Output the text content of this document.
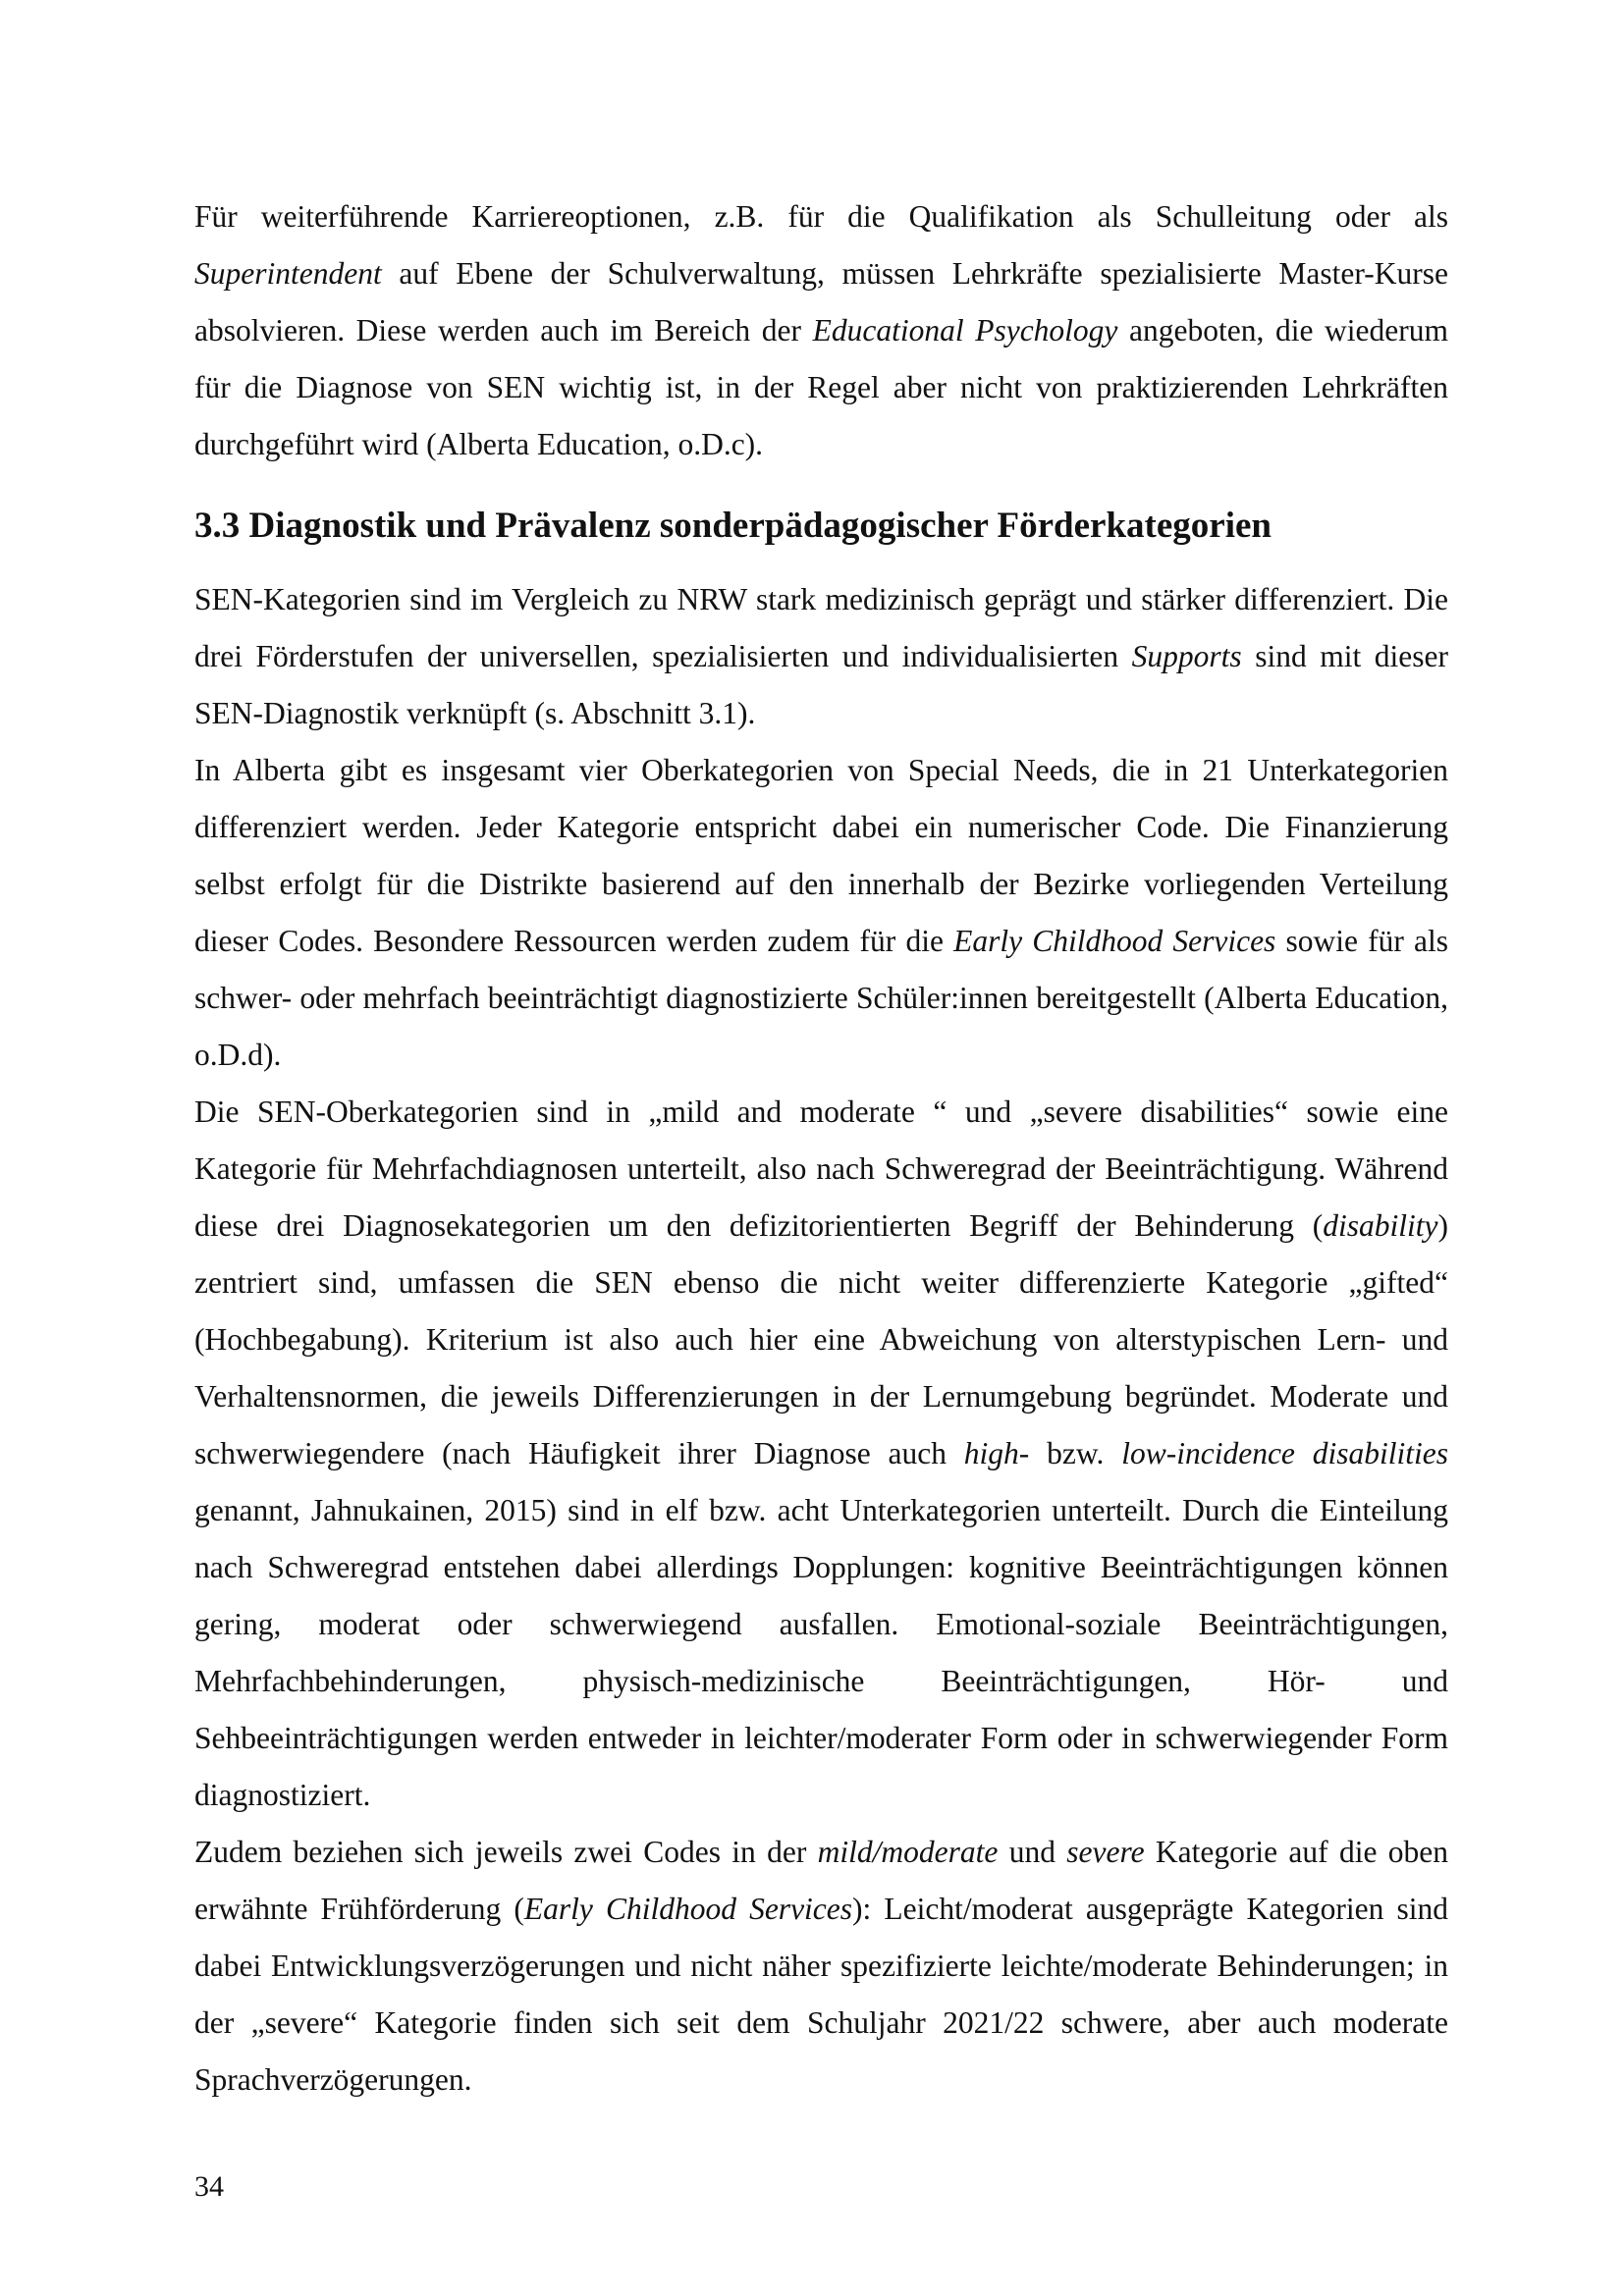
Für weiterführende Karriereoptionen, z.B. für die Qualifikation als Schulleitung oder als Superintendent auf Ebene der Schulverwaltung, müssen Lehrkräfte spezialisierte Master-Kurse absolvieren. Diese werden auch im Bereich der Educational Psychology angeboten, die wiederum für die Diagnose von SEN wichtig ist, in der Regel aber nicht von praktizierenden Lehrkräften durchgeführt wird (Alberta Education, o.D.c).

3.3 Diagnostik und Prävalenz sonderpädagogischer Förderkategorien

SEN-Kategorien sind im Vergleich zu NRW stark medizinisch geprägt und stärker differenziert. Die drei Förderstufen der universellen, spezialisierten und individualisierten Supports sind mit dieser SEN-Diagnostik verknüpft (s. Abschnitt 3.1).

In Alberta gibt es insgesamt vier Oberkategorien von Special Needs, die in 21 Unterkategorien differenziert werden. Jeder Kategorie entspricht dabei ein numerischer Code. Die Finanzierung selbst erfolgt für die Distrikte basierend auf den innerhalb der Bezirke vorliegenden Verteilung dieser Codes. Besondere Ressourcen werden zudem für die Early Childhood Services sowie für als schwer- oder mehrfach beeinträchtigt diagnostizierte Schüler:innen bereitgestellt (Alberta Education, o.D.d).

Die SEN-Oberkategorien sind in „mild and moderate “ und „severe disabilities“ sowie eine Kategorie für Mehrfachdiagnosen unterteilt, also nach Schweregrad der Beeinträchtigung. Während diese drei Diagnosekategorien um den defizitorientierten Begriff der Behinderung (disability) zentriert sind, umfassen die SEN ebenso die nicht weiter differenzierte Kategorie „gifted“ (Hochbegabung). Kriterium ist also auch hier eine Abweichung von alterstypischen Lern- und Verhaltensnormen, die jeweils Differenzierungen in der Lernumgebung begründet. Moderate und schwerwiegendere (nach Häufigkeit ihrer Diagnose auch high- bzw. low-incidence disabilities genannt, Jahnukainen, 2015) sind in elf bzw. acht Unterkategorien unterteilt. Durch die Einteilung nach Schweregrad entstehen dabei allerdings Dopplungen: kognitive Beeinträchtigungen können gering, moderat oder schwerwiegend ausfallen. Emotional-soziale Beeinträchtigungen, Mehrfachbehinderungen, physisch-medizinische Beeinträchtigungen, Hör- und Sehbeeinträchtigungen werden entweder in leichter/moderater Form oder in schwerwiegender Form diagnostiziert.

Zudem beziehen sich jeweils zwei Codes in der mild/moderate und severe Kategorie auf die oben erwähnte Frühförderung (Early Childhood Services): Leicht/moderat ausgeprägte Kategorien sind dabei Entwicklungsverzögerungen und nicht näher spezifizierte leichte/moderate Behinderungen; in der „severe“ Kategorie finden sich seit dem Schuljahr 2021/22 schwere, aber auch moderate Sprachverzögerungen.

34
